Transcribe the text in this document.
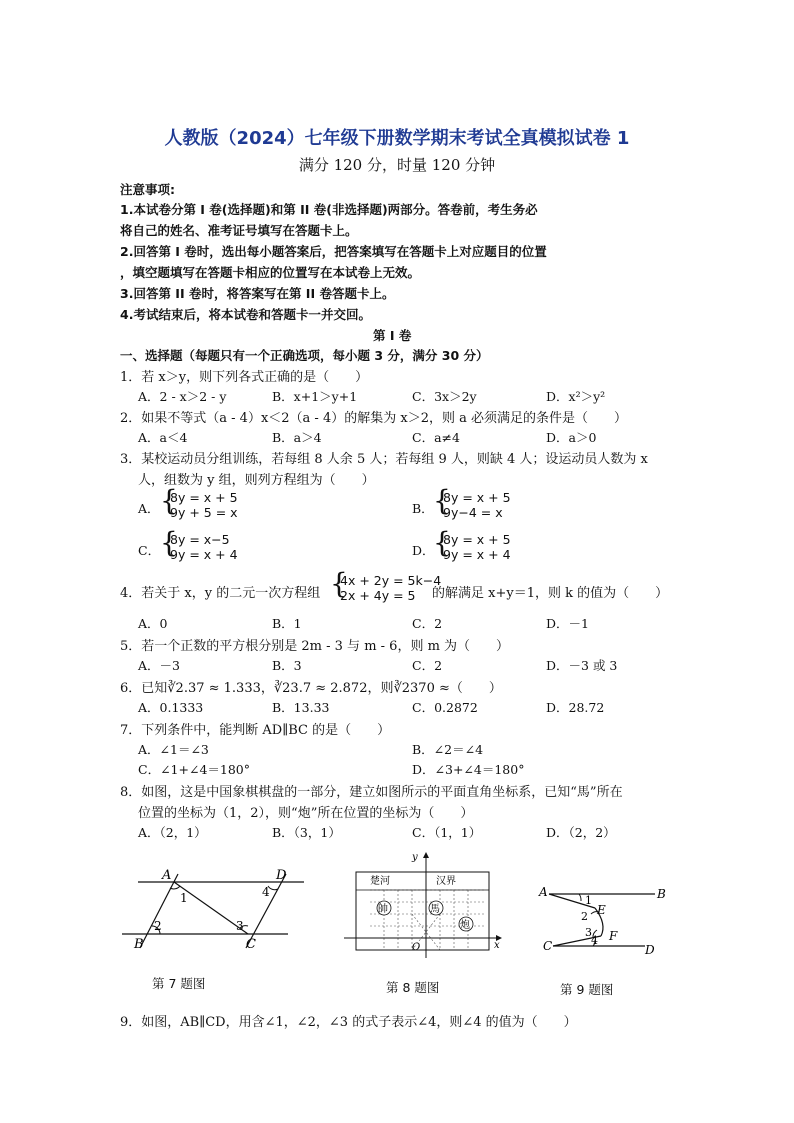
人教版（2024）七年级下册数学期末考试全真模拟试卷 1
满分 120 分，时量 120 分钟
注意事项:
1.本试卷分第 I 卷(选择题)和第 II 卷(非选择题)两部分。答卷前，考生务必
将自己的姓名、准考证号填写在答题卡上。
2.回答第 I 卷时，选出每小题答案后，把答案填写在答题卡上对应题目的位置
，填空题填写在答题卡相应的位置写在本试卷上无效。
3.回答第 II 卷时，将答案写在第 II 卷答题卡上。
4.考试结束后，将本试卷和答题卡一并交回。
第 I 卷
一、选择题（每题只有一个正确选项，每小题 3 分，满分 30 分）
1．若 x＞y，则下列各式正确的是（　　）
A．2 - x＞2 - y	B．x+1＞y+1	C．3x＞2y	D．x²＞y²
2．如果不等式（a - 4）x＜2（a - 4）的解集为 x＞2，则 a 必须满足的条件是（　　）
A．a＜4	B．a＞4	C．a≠4	D．a＞0
3．某校运动员分组训练，若每组 8 人余 5 人；若每组 9 人，则缺 4 人；设运动员人数为 x
人，组数为 y 组，则列方程组为（　　）
A． {
8y = x + 5
9y + 5 = x	B． {
8y = x + 5
9y−4 = x
C． {
8y = x−5
9y = x + 4	D．
{
8y = x + 5
9y = x + 4
4．若关于 x，y 的二元一次方程组 {
4x + 2y = 5k−4
2x + 4y = 5 的解满足 x+y＝1，则 k 的值为（　　）
A．0	B．1	C．2	D．－1
5．若一个正数的平方根分别是 2m - 3 与 m - 6，则 m 为（　　）
A．－3	B．3	C．2	D．－3 或 3
6．已知∛2.37 ≈ 1.333，∛23.7 ≈ 2.872，则∛2370 ≈（　　）
A．0.1333	B．13.33	C．0.2872	D．28.72
7．下列条件中，能判断 AD∥BC 的是（　　）
A．∠1＝∠3	B．∠2＝∠4
C．∠1+∠4＝180°	D．∠3+∠4＝180°
8．如图，这是中国象棋棋盘的一部分，建立如图所示的平面直角坐标系，已知“馬”所在
位置的坐标为（1，2），则“炮”所在位置的坐标为（　　）
A．（2，1）	B．（3，1）	C．（1，1）	D．（2，2）
A	D
1	4
2	3
B	C
第 7 题图
y
楚河	汉界
x
O
帥	馬
炮
第 8 题图
A	B
1
E
2
3 F
4
C	D
第 9 题图
9．如图，AB∥CD，用含∠1，∠2，∠3 的式子表示∠4，则∠4 的值为（　　）
